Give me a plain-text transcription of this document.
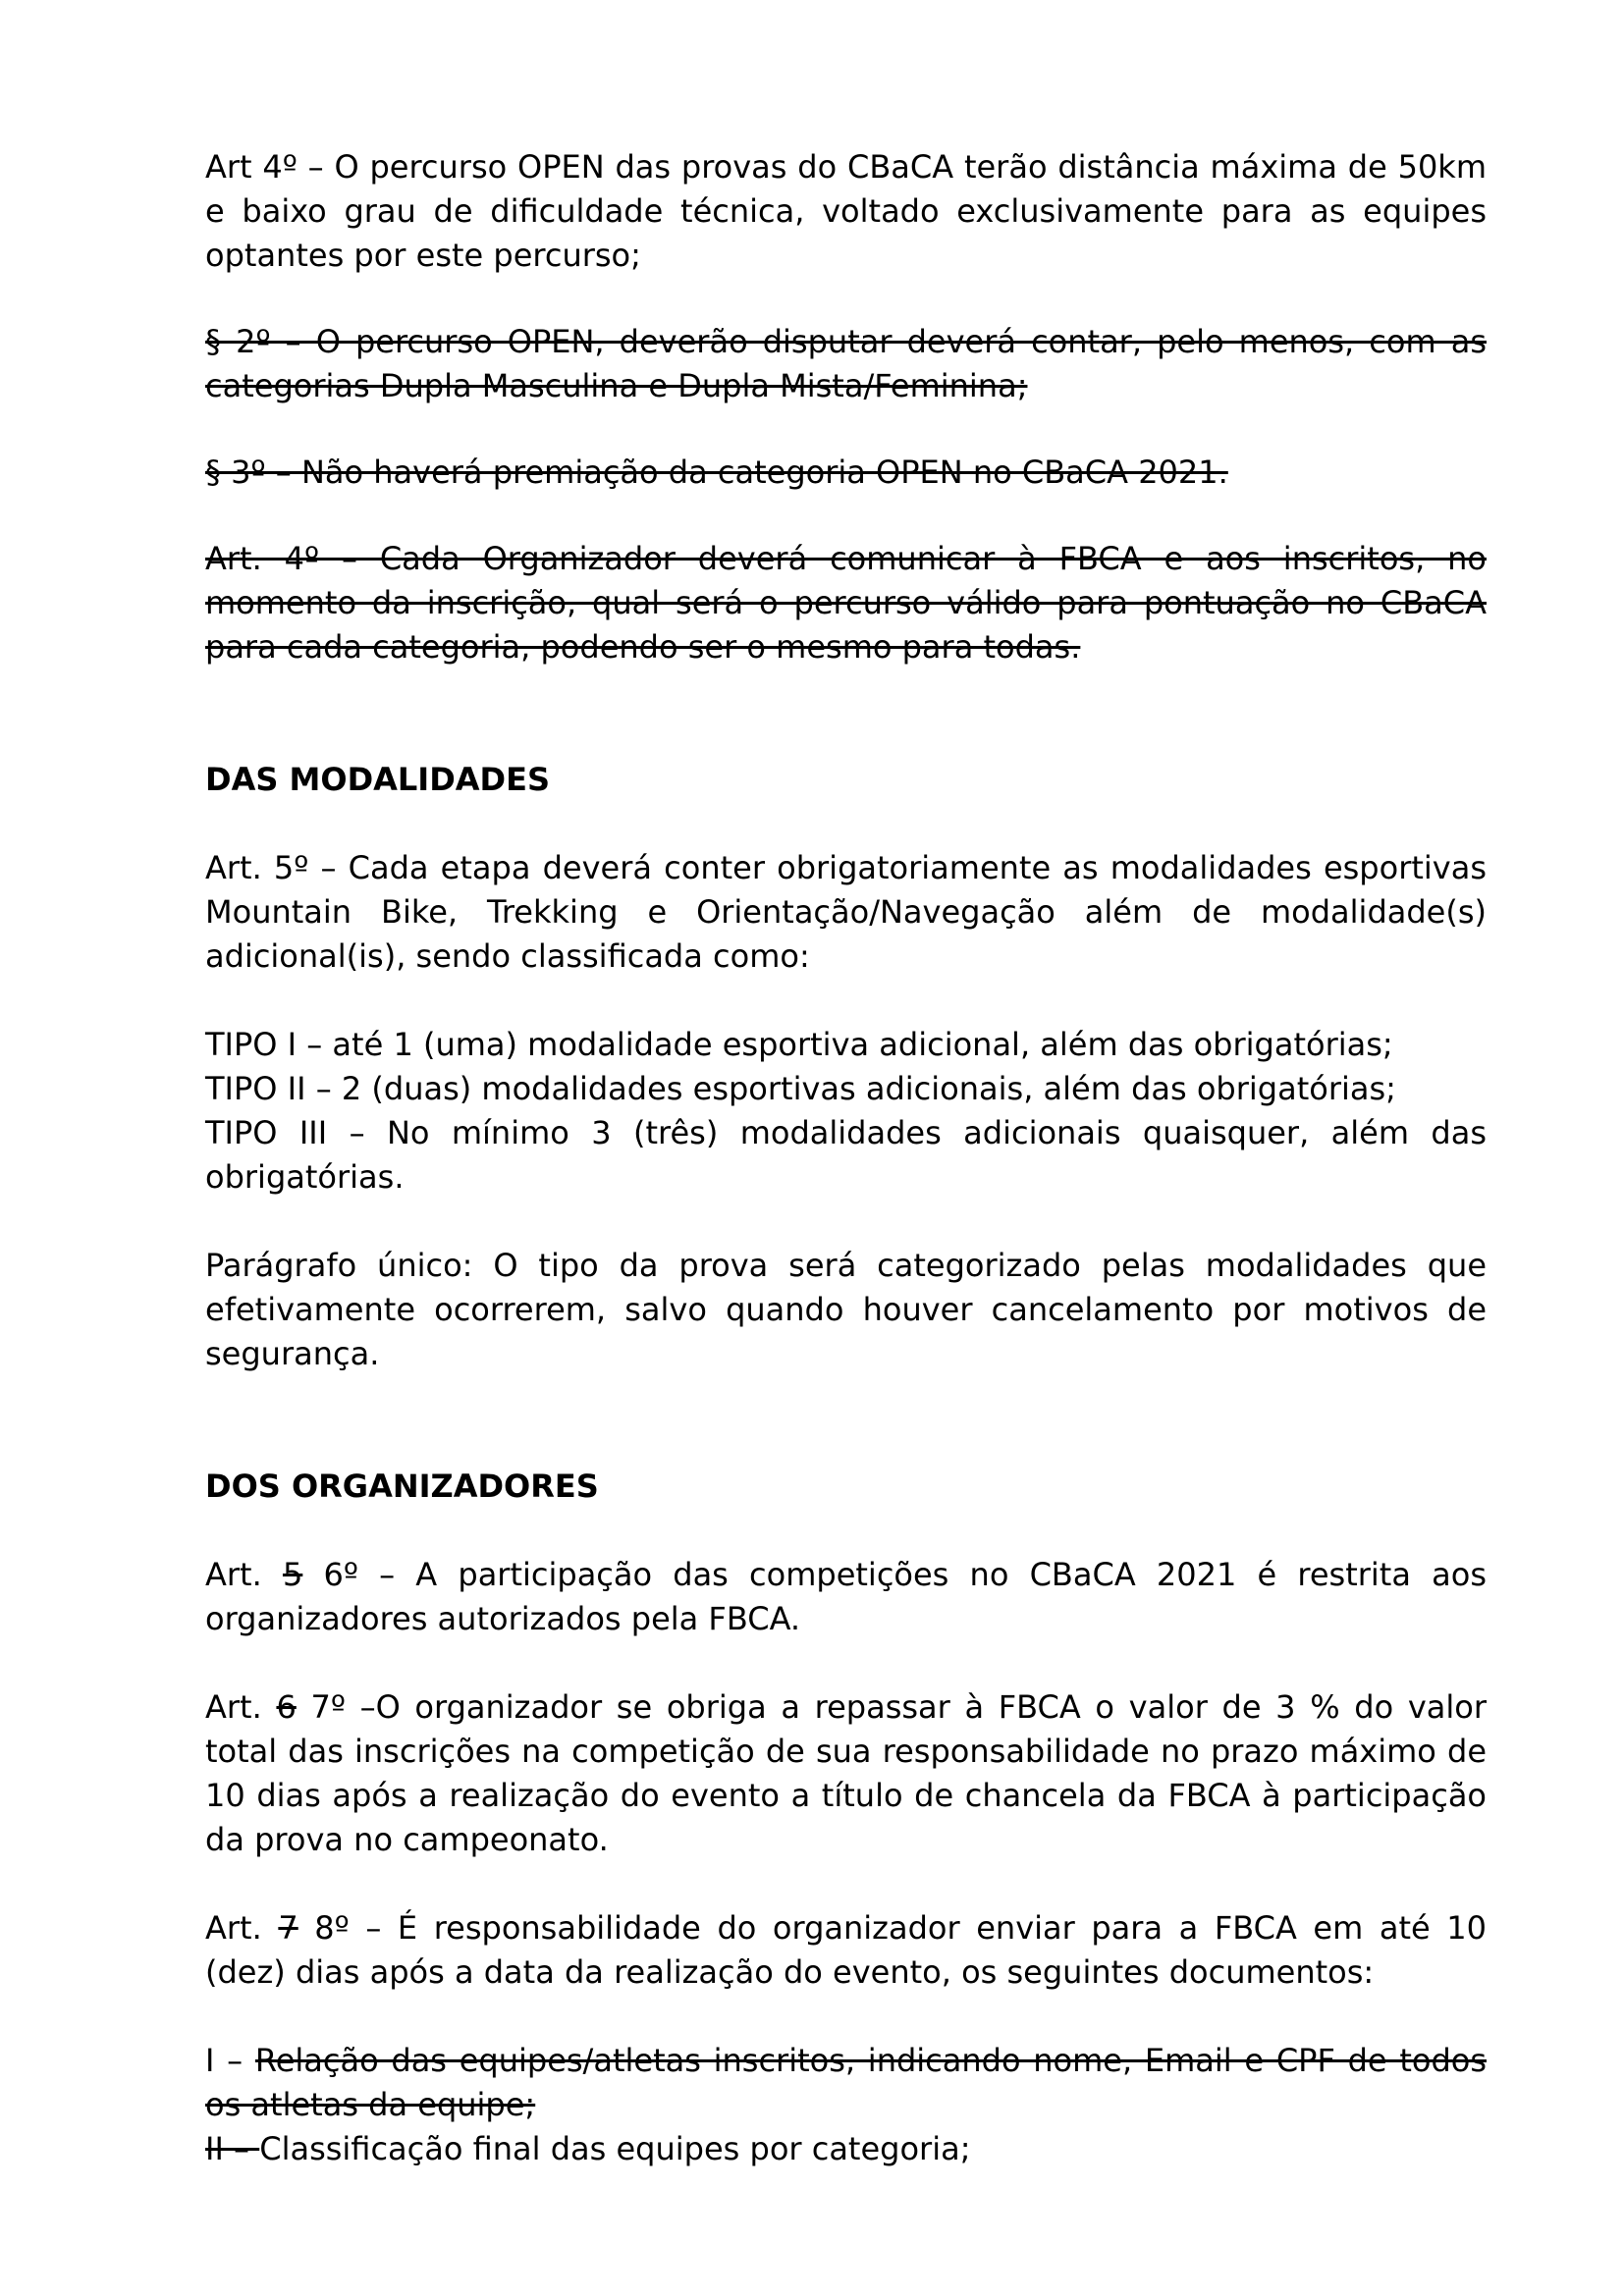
Art 4º – O percurso OPEN das provas do CBaCA terão distância máxima de 50km e baixo grau de dificuldade técnica, voltado exclusivamente para as equipes optantes por este percurso;

§ 2º – O percurso OPEN, deverão disputar deverá contar, pelo menos, com as categorias Dupla Masculina e Dupla Mista/Feminina;

§ 3º – Não haverá premiação da categoria OPEN no CBaCA 2021.

Art. 4º – Cada Organizador deverá comunicar à FBCA e aos inscritos, no momento da inscrição, qual será o percurso válido para pontuação no CBaCA para cada categoria, podendo ser o mesmo para todas.

DAS MODALIDADES

Art. 5º – Cada etapa deverá conter obrigatoriamente as modalidades esportivas Mountain Bike, Trekking e Orientação/Navegação além de modalidade(s) adicional(is), sendo classificada como:

TIPO I – até 1 (uma) modalidade esportiva adicional, além das obrigatórias;

TIPO II – 2 (duas) modalidades esportivas adicionais, além das obrigatórias;

TIPO III – No mínimo 3 (três) modalidades adicionais quaisquer, além das obrigatórias.

Parágrafo único: O tipo da prova será categorizado pelas modalidades que efetivamente ocorrerem, salvo quando houver cancelamento por motivos de segurança.

DOS ORGANIZADORES

Art. 5 6º – A participação das competições no CBaCA 2021 é restrita aos organizadores autorizados pela FBCA.

Art. 6 7º –O organizador se obriga a repassar à FBCA o valor de 3 % do valor total das inscrições na competição de sua responsabilidade no prazo máximo de 10 dias após a realização do evento a título de chancela da FBCA à participação da prova no campeonato.

Art. 7 8º – É responsabilidade do organizador enviar para a FBCA em até 10 (dez) dias após a data da realização do evento, os seguintes documentos:

I – Relação das equipes/atletas inscritos, indicando nome, Email e CPF de todos os atletas da equipe;

II – Classificação final das equipes por categoria;
